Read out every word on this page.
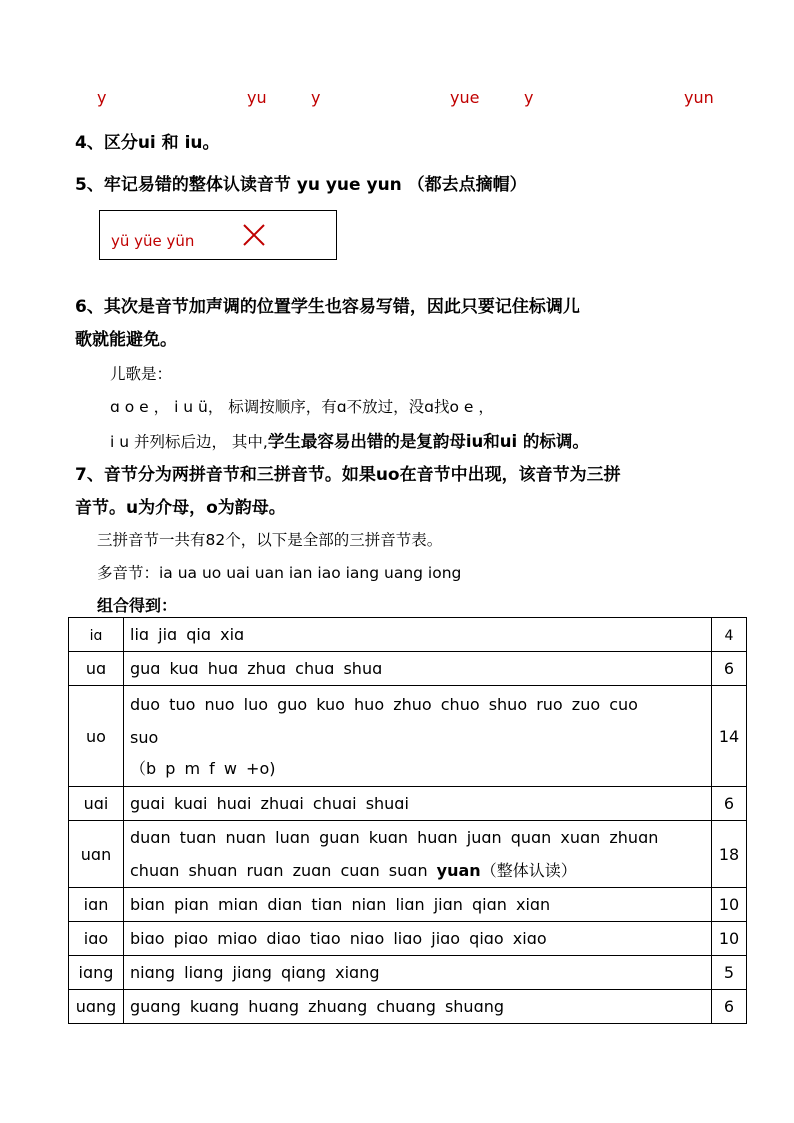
y	yu	y	yue	y	yun
4、区分ui 和 iu。
5、牢记易错的整体认读音节 yu yue yun （都去点摘帽）
yü yüe yün
6、其次是音节加声调的位置学生也容易写错，因此只要记住标调儿
歌就能避免。
儿歌是：
ɑ o e ， i u ü， 标调按顺序，有ɑ不放过，没ɑ找o e ，
i u 并列标后边， 其中,学生最容易出错的是复韵母iu和ui 的标调。
7、音节分为两拼音节和三拼音节。如果uo在音节中出现，该音节为三拼
音节。u为介母，o为韵母。
三拼音节一共有82个，以下是全部的三拼音节表。
多音节：ia ua uo uai uan ian iao iang uang iong
组合得到：
iɑ	liɑ jiɑ qiɑ xiɑ	4
uɑ	guɑ kuɑ huɑ zhuɑ chuɑ shuɑ	6
uo	duo tuo nuo luo guo kuo huo zhuo chuo shuo ruo zuo cuo
suo
（b p m f w +o)	14
uɑi	guɑi kuɑi huɑi zhuɑi chuɑi shuɑi	6
uɑn	duɑn tuɑn nuɑn luɑn guɑn kuɑn huɑn juɑn quɑn xuɑn zhuɑn
chuɑn shuɑn ruɑn zuɑn cuɑn suɑn yuan（整体认读）	18
iɑn	biɑn piɑn miɑn diɑn tiɑn niɑn liɑn jiɑn qiɑn xiɑn	10
iɑo	biɑo piɑo miɑo diɑo tiɑo niɑo liɑo jiɑo qiɑo xiɑo	10
iɑng	niɑng liɑng jiɑng qiɑng xiɑng	5
uɑng	guɑng kuɑng huɑng zhuɑng chuɑng shuɑng	6
